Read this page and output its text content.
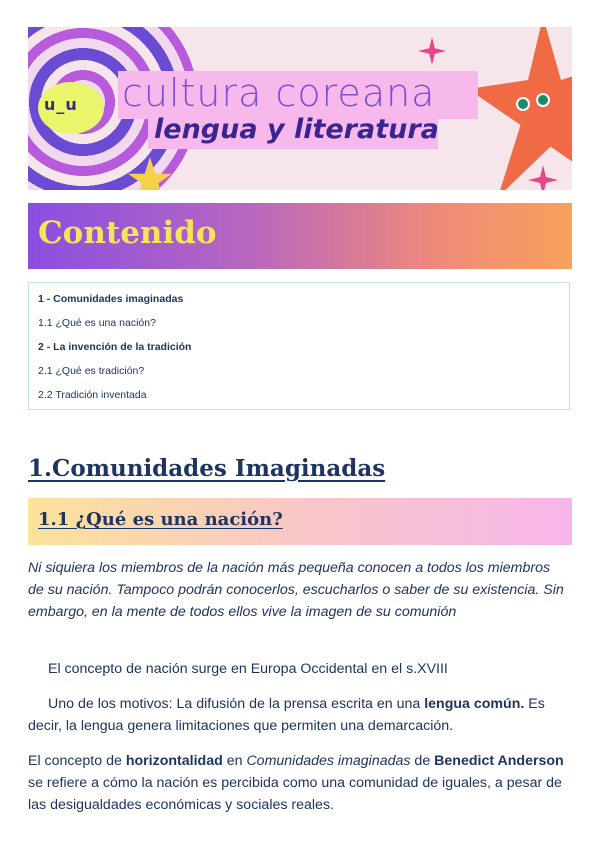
u_u cultura coreana
lengua y literatura
Contenido
1 - Comunidades imaginadas
1.1 ¿Qué es una nación?
2 - La invención de la tradición
2.1 ¿Qué es tradición?
2.2 Tradición inventada
1.Comunidades Imaginadas
1.1 ¿Qué es una nación?
Ni siquiera los miembros de la nación más pequeña conocen a todos los miembros de su nación. Tampoco podrán conocerlos, escucharlos o saber de su existencia. Sin embargo, en la mente de todos ellos vive la imagen de su comunión
El concepto de nación surge en Europa Occidental en el s.XVIII
Uno de los motivos: La difusión de la prensa escrita en una lengua común. Es decir, la lengua genera limitaciones que permiten una demarcación.
El concepto de horizontalidad en Comunidades imaginadas de Benedict Anderson se refiere a cómo la nación es percibida como una comunidad de iguales, a pesar de las desigualdades económicas y sociales reales.
